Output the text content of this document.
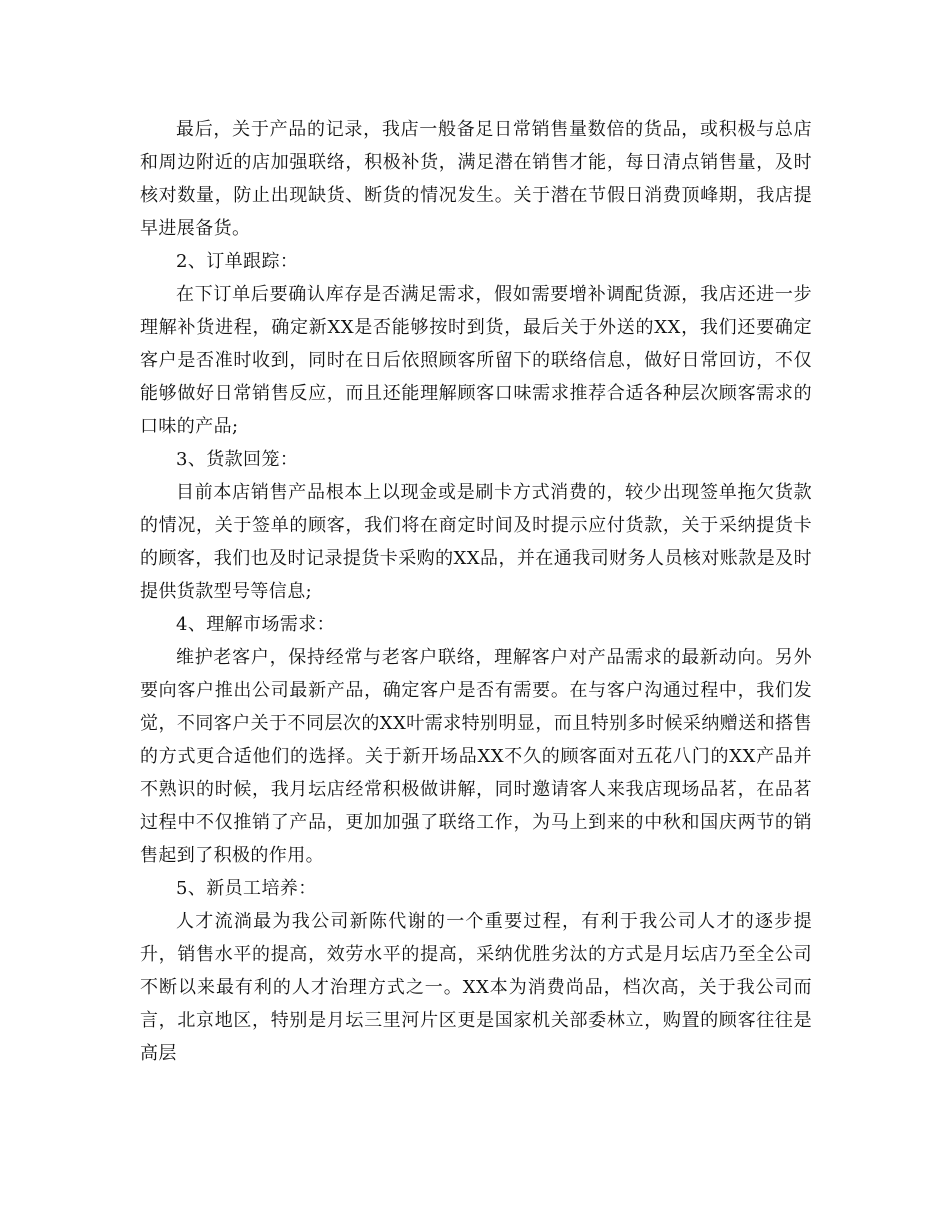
最后，关于产品的记录，我店一般备足日常销售量数倍的货品，或积极与总店和周边附近的店加强联络，积极补货，满足潜在销售才能，每日清点销售量，及时核对数量，防止出现缺货、断货的情况发生。关于潜在节假日消费顶峰期，我店提早进展备货。

2、订单跟踪：

在下订单后要确认库存是否满足需求，假如需要增补调配货源，我店还进一步理解补货进程，确定新XX是否能够按时到货，最后关于外送的XX，我们还要确定客户是否准时收到，同时在日后依照顾客所留下的联络信息，做好日常回访，不仅能够做好日常销售反应，而且还能理解顾客口味需求推荐合适各种层次顾客需求的口味的产品;

3、货款回笼：

目前本店销售产品根本上以现金或是刷卡方式消费的，较少出现签单拖欠货款的情况，关于签单的顾客，我们将在商定时间及时提示应付货款，关于采纳提货卡的顾客，我们也及时记录提货卡采购的XX品，并在通我司财务人员核对账款是及时提供货款型号等信息;

4、理解市场需求：

维护老客户，保持经常与老客户联络，理解客户对产品需求的最新动向。另外要向客户推出公司最新产品，确定客户是否有需要。在与客户沟通过程中，我们发觉，不同客户关于不同层次的XX叶需求特别明显，而且特别多时候采纳赠送和搭售的方式更合适他们的选择。关于新开场品XX不久的顾客面对五花八门的XX产品并不熟识的时候，我月坛店经常积极做讲解，同时邀请客人来我店现场品茗，在品茗过程中不仅推销了产品，更加加强了联络工作，为马上到来的中秋和国庆两节的销售起到了积极的作用。

5、新员工培养：

人才流淌最为我公司新陈代谢的一个重要过程，有利于我公司人才的逐步提升，销售水平的提高，效劳水平的提高，采纳优胜劣汰的方式是月坛店乃至全公司不断以来最有利的人才治理方式之一。XX本为消费尚品，档次高，关于我公司而言，北京地区，特别是月坛三里河片区更是国家机关部委林立，购置的顾客往往是高层
